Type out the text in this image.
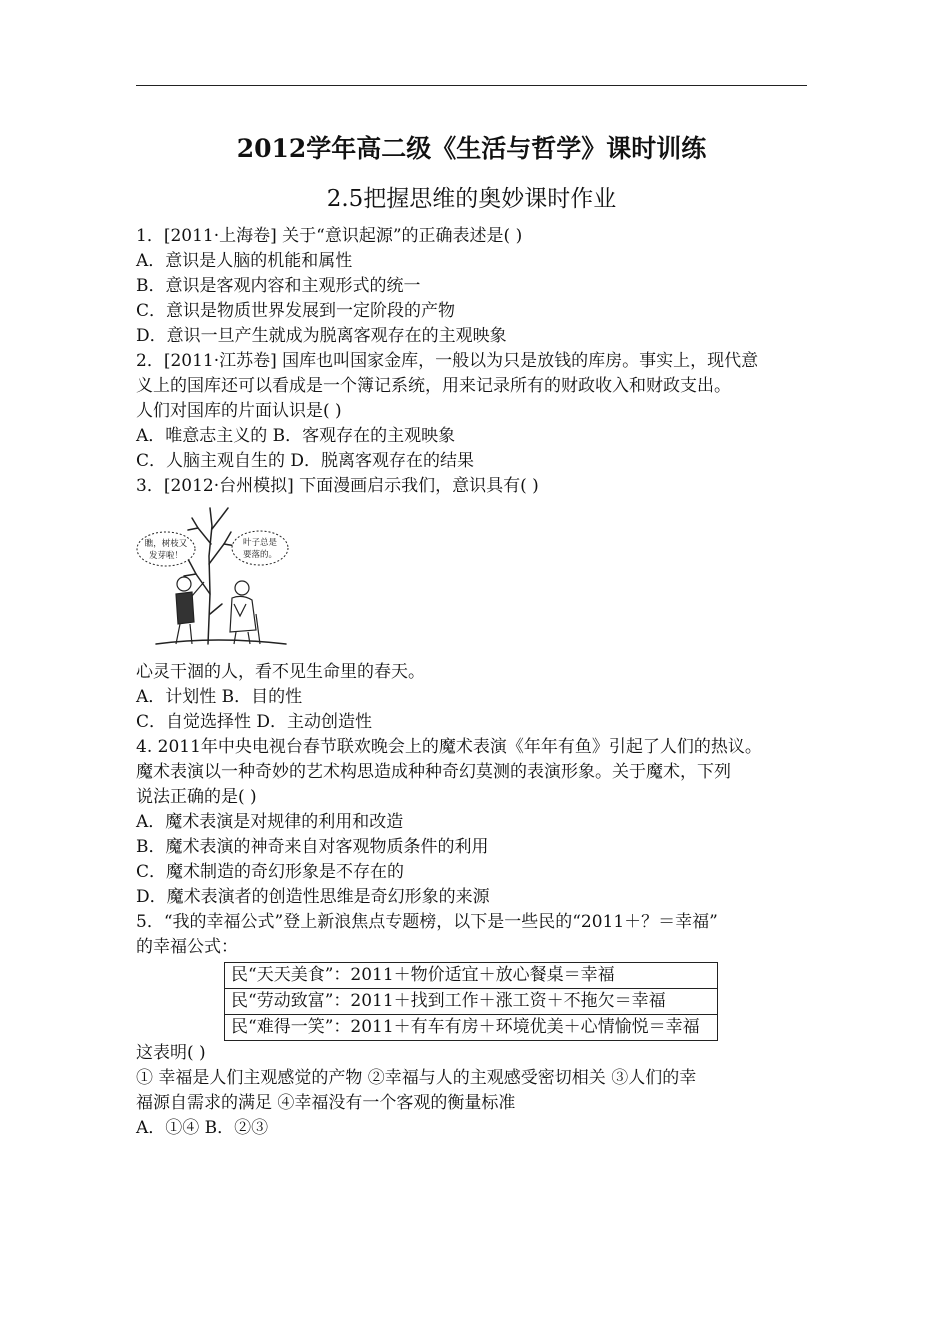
2012学年高二级《生活与哲学》课时训练
2.5把握思维的奥妙课时作业

1．[2011·上海卷] 关于“意识起源”的正确表述是( )

A．意识是人脑的机能和属性

B．意识是客观内容和主观形式的统一

C．意识是物质世界发展到一定阶段的产物

D．意识一旦产生就成为脱离客观存在的主观映象

2．[2011·江苏卷] 国库也叫国家金库，一般以为只是放钱的库房。事实上，现代意

义上的国库还可以看成是一个簿记系统，用来记录所有的财政收入和财政支出。

人们对国库的片面认识是( )

A．唯意志主义的 B．客观存在的主观映象

C．人脑主观自生的 D．脱离客观存在的结果

3．[2012·台州模拟] 下面漫画启示我们，意识具有( )

瞧，树枝又
发芽啦！
叶子总是
要落的。

心灵干涸的人，看不见生命里的春天。

A．计划性 B．目的性

C．自觉选择性 D．主动创造性

4. 2011年中央电视台春节联欢晚会上的魔术表演《年年有鱼》引起了人们的热议。

魔术表演以一种奇妙的艺术构思造成种种奇幻莫测的表演形象。关于魔术，下列

说法正确的是( )

A．魔术表演是对规律的利用和改造

B．魔术表演的神奇来自对客观物质条件的利用

C．魔术制造的奇幻形象是不存在的

D．魔术表演者的创造性思维是奇幻形象的来源

5．“我的幸福公式”登上新浪焦点专题榜，以下是一些民的“2011＋？＝幸福”

的幸福公式：

民“天天美食”：2011＋物价适宜＋放心餐桌＝幸福
民“劳动致富”：2011＋找到工作＋涨工资＋不拖欠＝幸福
民“难得一笑”：2011＋有车有房＋环境优美＋心情愉悦＝幸福

这表明( )

① 幸福是人们主观感觉的产物 ②幸福与人的主观感受密切相关 ③人们的幸

福源自需求的满足 ④幸福没有一个客观的衡量标准

A．①④ B．②③
